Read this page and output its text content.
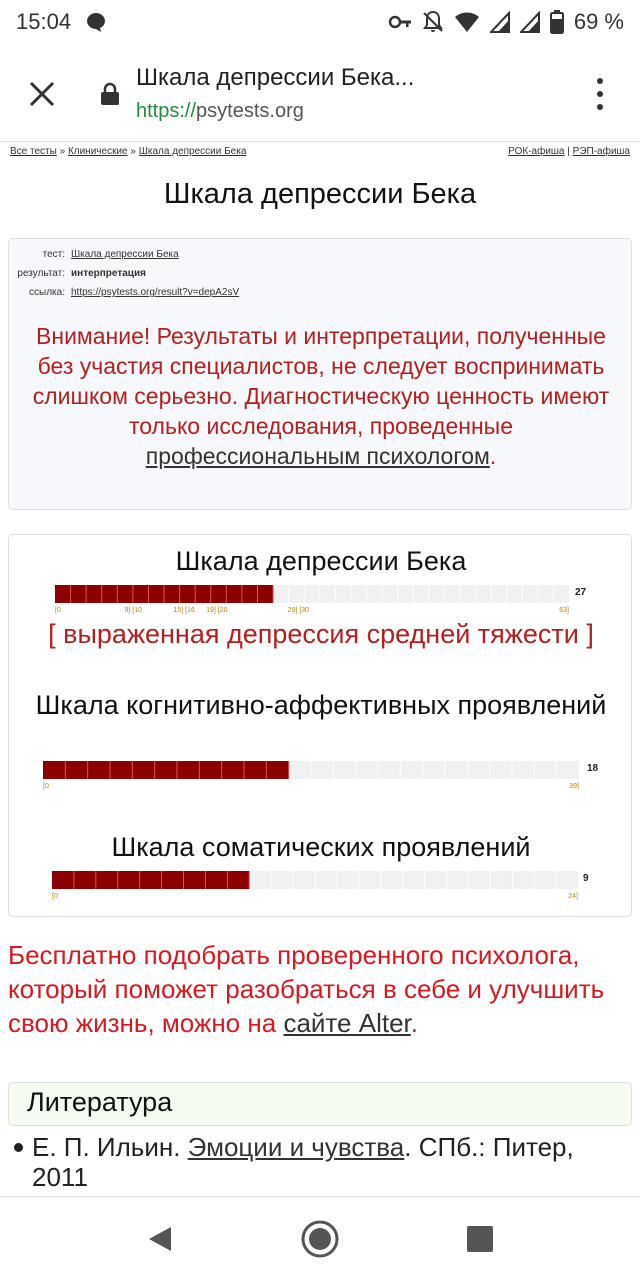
15:04	69 %
Шкала депрессии Бека...
https://psytests.org
Все тесты » Клинические » Шкала депрессии Бека	РОК-афиша | РЭП-афиша
Шкала депрессии Бека
тест: Шкала депрессии Бека
результат: интерпретация
ссылка: https://psytests.org/result?v=depA2sV
Внимание! Результаты и интерпретации, полученные без участия специалистов, не следует воспринимать слишком серьезно. Диагностическую ценность имеют только исследования, проведенные профессиональным психологом.
Шкала депрессии Бека
27
[0	9] [10	15] [16 19] [20	29] [30	63]
[ выраженная депрессия средней тяжести ]
Шкала когнитивно-аффективных проявлений
18
[0	39]
Шкала соматических проявлений
9
[0	24]
Бесплатно подобрать проверенного психолога, который поможет разобраться в себе и улучшить свою жизнь, можно на сайте Alter.
Литература
Е. П. Ильин. Эмоции и чувства. СПб.: Питер, 2011
